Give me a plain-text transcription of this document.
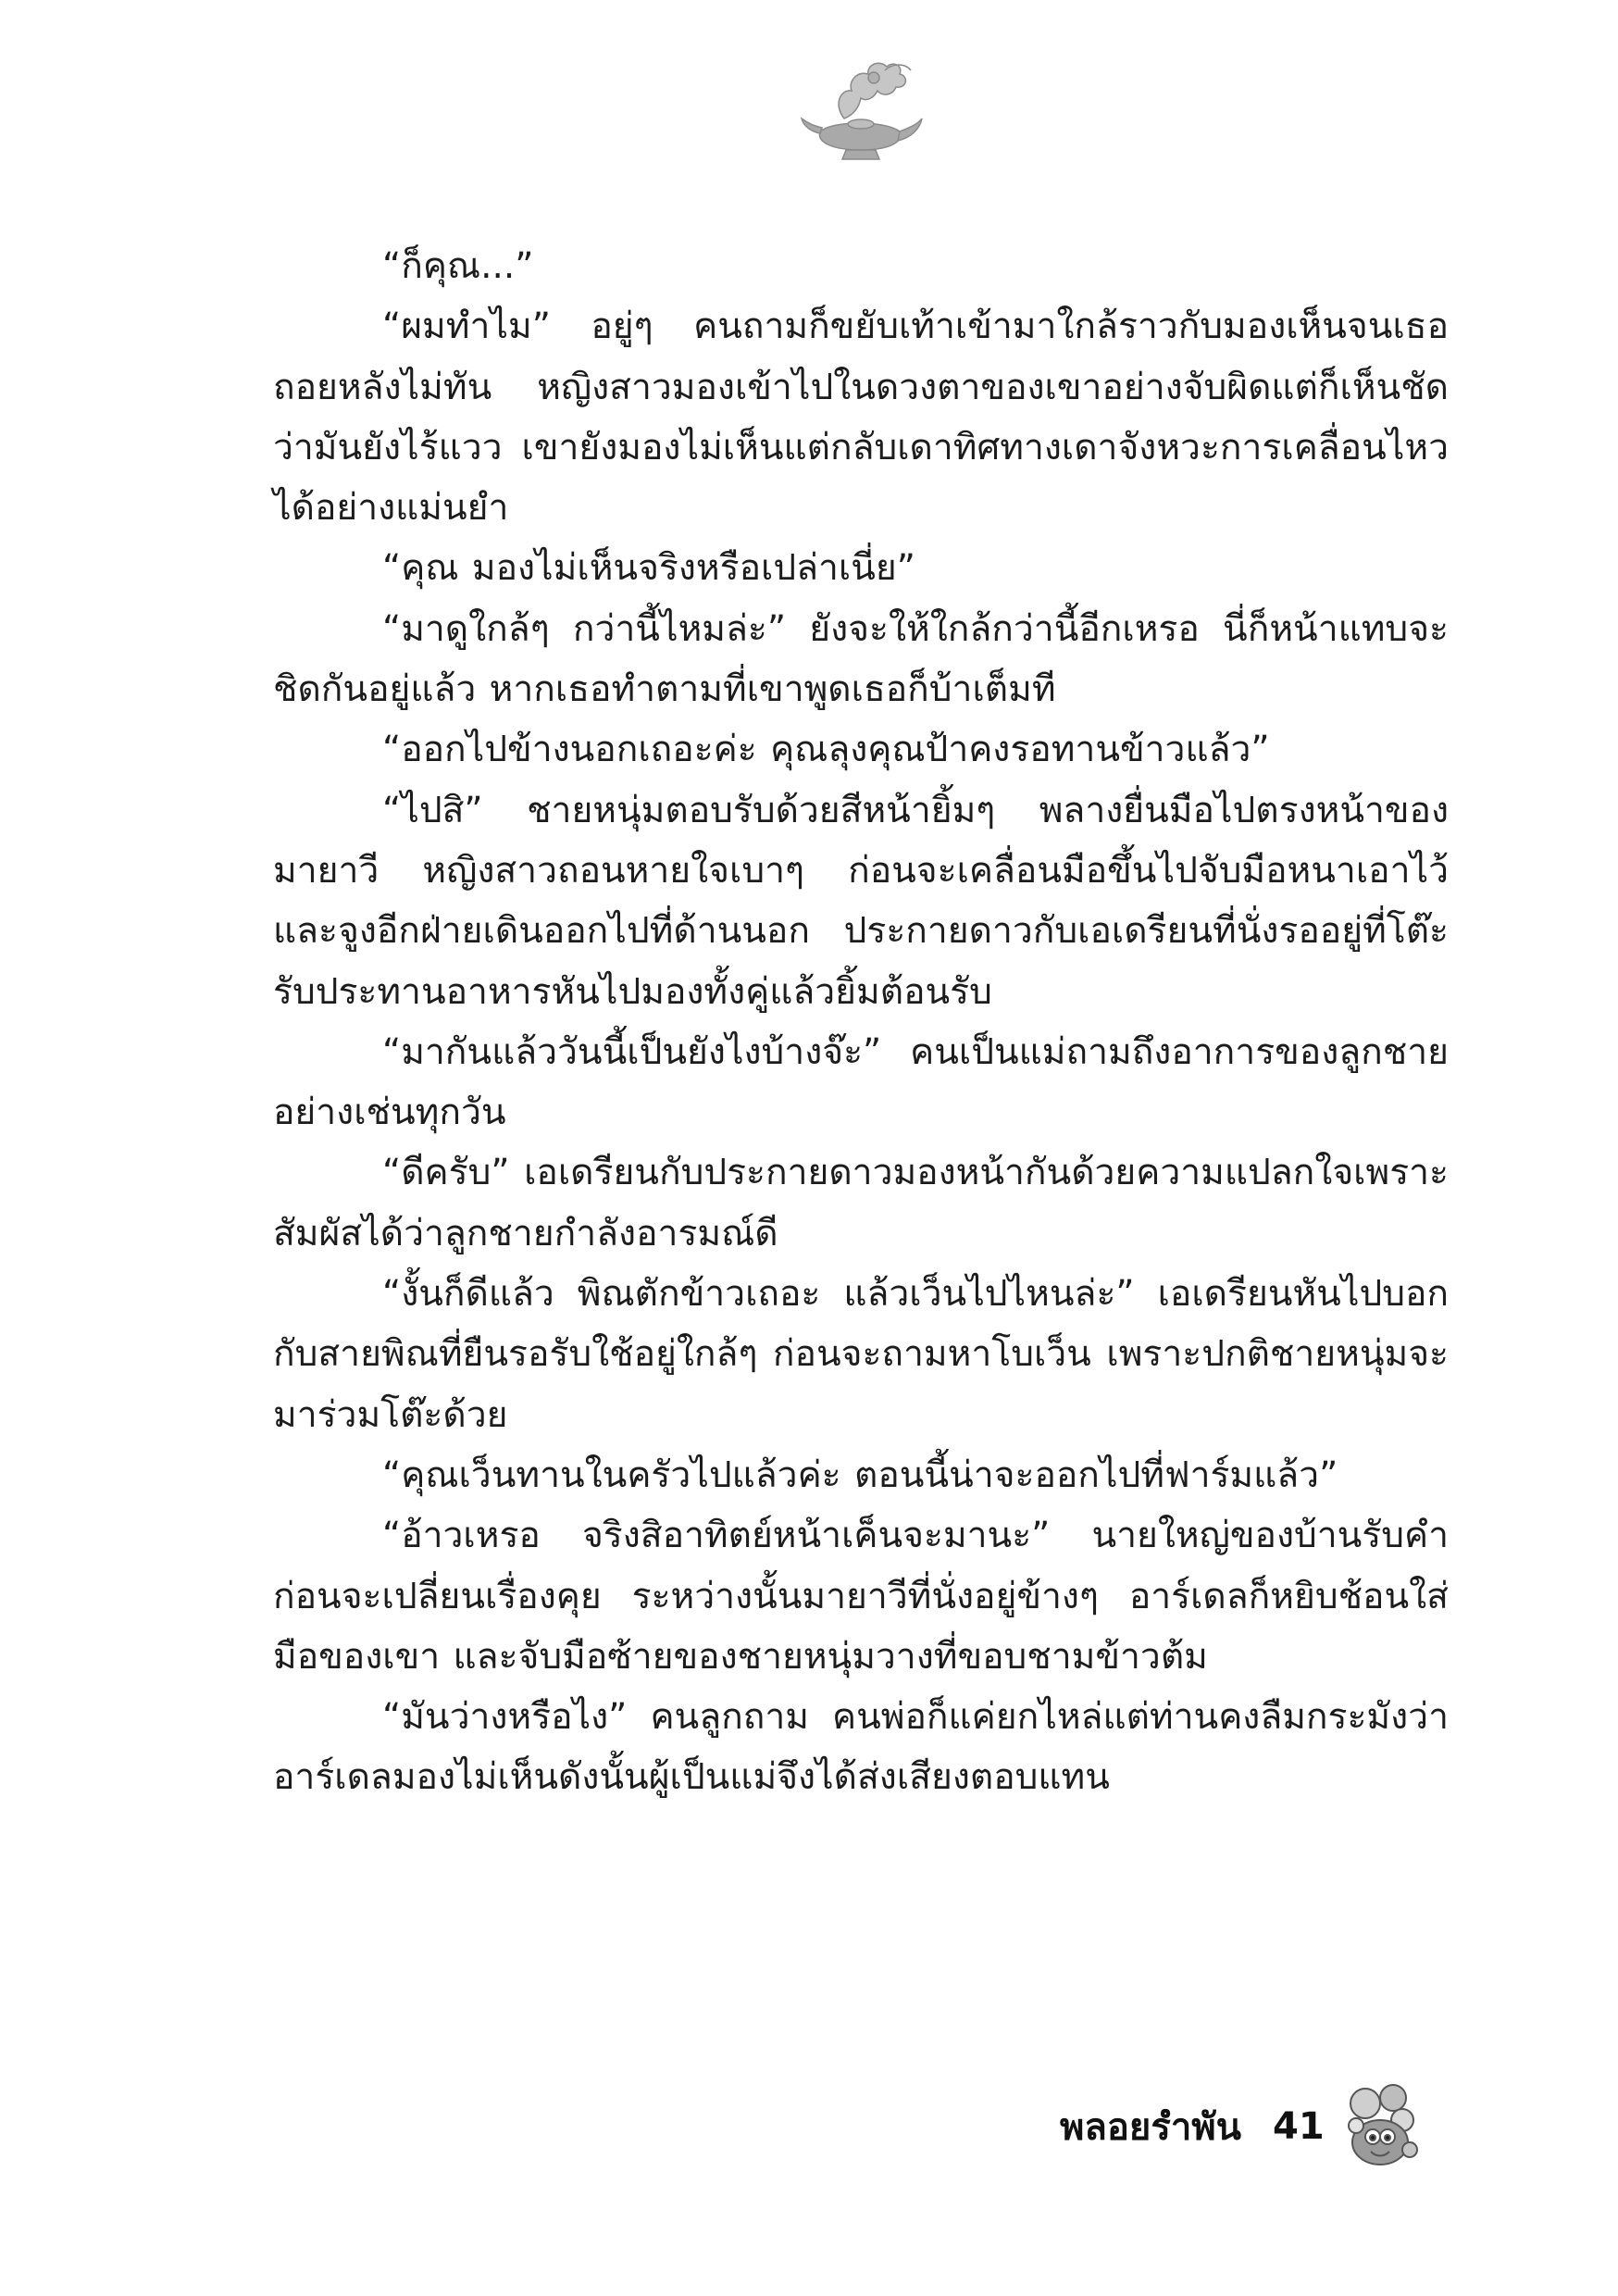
“ก็คุณ...”

“ผมทำไม” อยู่ๆ คนถามก็ขยับเท้าเข้ามาใกล้ราวกับมองเห็นจนเธอถอยหลังไม่ทัน หญิงสาวมองเข้าไปในดวงตาของเขาอย่างจับผิดแต่ก็เห็นชัดว่ามันยังไร้แวว เขายังมองไม่เห็นแต่กลับเดาทิศทางเดาจังหวะการเคลื่อนไหวได้อย่างแม่นยำ

“คุณ มองไม่เห็นจริงหรือเปล่าเนี่ย”

“มาดูใกล้ๆ กว่านี้ไหมล่ะ” ยังจะให้ใกล้กว่านี้อีกเหรอ นี่ก็หน้าแทบจะชิดกันอยู่แล้ว หากเธอทำตามที่เขาพูดเธอก็บ้าเต็มที

“ออกไปข้างนอกเถอะค่ะ คุณลุงคุณป้าคงรอทานข้าวแล้ว”

“ไปสิ” ชายหนุ่มตอบรับด้วยสีหน้ายิ้มๆ พลางยื่นมือไปตรงหน้าของมายาวี หญิงสาวถอนหายใจเบาๆ ก่อนจะเคลื่อนมือขึ้นไปจับมือหนาเอาไว้และจูงอีกฝ่ายเดินออกไปที่ด้านนอก ประกายดาวกับเอเดรียนที่นั่งรออยู่ที่โต๊ะรับประทานอาหารหันไปมองทั้งคู่แล้วยิ้มต้อนรับ

“มากันแล้ววันนี้เป็นยังไงบ้างจ๊ะ” คนเป็นแม่ถามถึงอาการของลูกชายอย่างเช่นทุกวัน

“ดีครับ” เอเดรียนกับประกายดาวมองหน้ากันด้วยความแปลกใจเพราะสัมผัสได้ว่าลูกชายกำลังอารมณ์ดี

“งั้นก็ดีแล้ว พิณตักข้าวเถอะ แล้วเว็นไปไหนล่ะ” เอเดรียนหันไปบอกกับสายพิณที่ยืนรอรับใช้อยู่ใกล้ๆ ก่อนจะถามหาโบเว็น เพราะปกติชายหนุ่มจะมาร่วมโต๊ะด้วย

“คุณเว็นทานในครัวไปแล้วค่ะ ตอนนี้น่าจะออกไปที่ฟาร์มแล้ว”

“อ้าวเหรอ จริงสิอาทิตย์หน้าเค็นจะมานะ” นายใหญ่ของบ้านรับคำก่อนจะเปลี่ยนเรื่องคุย ระหว่างนั้นมายาวีที่นั่งอยู่ข้างๆ อาร์เดลก็หยิบช้อนใส่มือของเขา และจับมือซ้ายของชายหนุ่มวางที่ขอบชามข้าวต้ม

“มันว่างหรือไง” คนลูกถาม คนพ่อก็แค่ยกไหล่แต่ท่านคงลืมกระมังว่าอาร์เดลมองไม่เห็นดังนั้นผู้เป็นแม่จึงได้ส่งเสียงตอบแทน

พลอยรำพัน 41
